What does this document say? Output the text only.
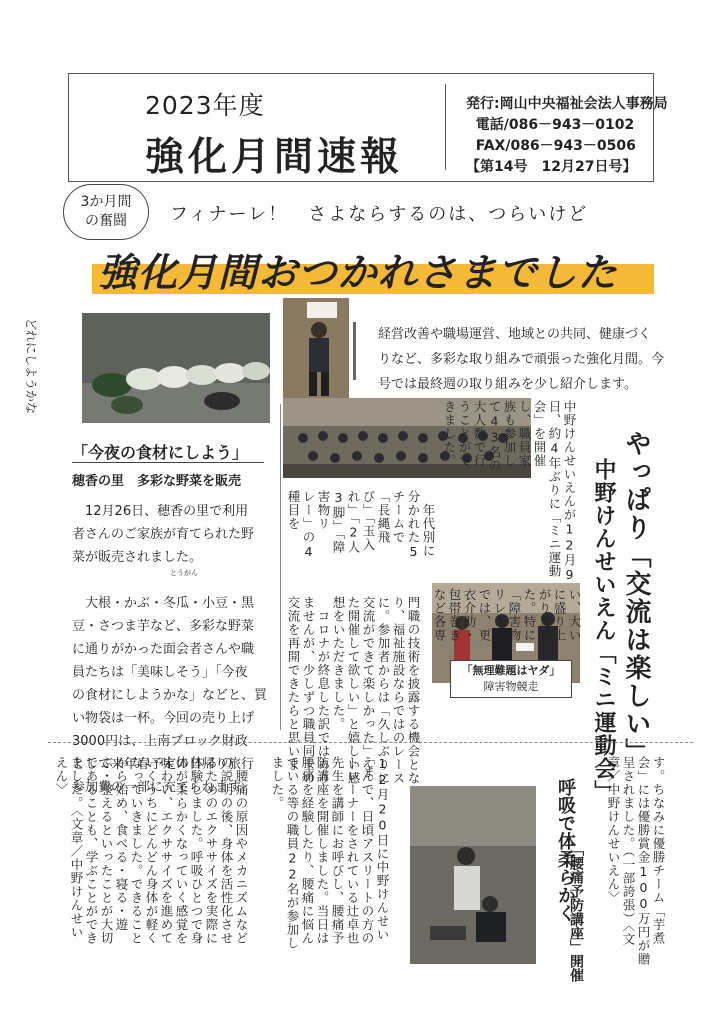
2023年度
強化月間速報
発行:岡山中央福祉会法人事務局
電話/086－943－0102
FAX/086－943－0506
【第14号　12月27日号】
3か月間
の奮闘	フィナーレ！　さよならするのは、つらいけど
強化月間おつかれさまでした
どれにしようかな
「無理難題はヤダ」
障害物競走
経営改善や職場運営、地域との共同、健康づく
りなど、多彩な取り組みで頑張った強化月間。今
号では最終週の取り組みを少し紹介します。
「今夜の食材にしよう」
穂香の里　多彩な野菜を販売
とうがん
　12月26日、穂香の里で利用
者さんのご家族が育てられた野
菜が販売されました。

　大根・かぶ・冬瓜・小豆・黒
豆・さつま芋など、多彩な野菜
に通りがかった面会者さんや職
員たちは「美味しそう」「今夜
の食材にしようかな」などと、買
い物袋は一杯。今回の売り上げ
3000円は、上南ブロック財政
として来年春予定の日帰り旅行
参加費の一部に充てられます。
やっぱり「交流は楽しい」
中野けんせいえん「ミニ運動会」
中野けんせいえんが12月9
日、約4年ぶりに「ミニ運動
会」を開催
し、職員家
族も参加し
て43名の
大人数で行
うことがで
きました。
　年代別に
分かれた5
チームで
「長縄飛
び」「玉入
れ」「2人
3脚」「障
害物リ
レー」の4
種目を
門職の技術を披露する機会とな
り、福祉施設ならではのレース
に。参加者からは「久しぶりに
交流ができて楽しかった」「ま
た開催して欲しい」と嬉しい感
想をいただきました。
　コロナが終息した訳ではあり
ませんが、少しずつ職員同士の
交流を再開できたらと思いま	い、大い
に盛り上
がりまし
た。特に
「障害物
リレー」
では、更
衣介助・
包帯巻き
など各専
す。ちなみに優勝チーム「芋煮
会」には優勝賞金100万円が贈
呈されました。（一部誇張）〈文
章／中野けんせいえん〉
呼吸で体柔らかく
「腰痛予防講座」開催
12月20日に中野けんせい
えんで、日頃アスリートの方の
トレーナーをされている辻卓也
先生を講師にお呼びし、腰痛予
防講座を開催しました。当日は
腰痛を経験したり、腰痛に悩ん
でいる等の職員22名が参加し
ました。
　腰痛の原因やメカニズムなど
の説明の後、身体を活性化させ
るためのエクササイズを実際に
体験しました。呼吸ひとつで身
体が柔らかくなっていく感覚を
味わい、エクササイズを進めて
いくうちにどんどん身体が軽く
なっていきました。できること
から始め、食べる・寝る・遊
ぶ・整えるといったことが大切
であることも、学ぶことができ
ました。〈文章／中野けんせい
えん〉
